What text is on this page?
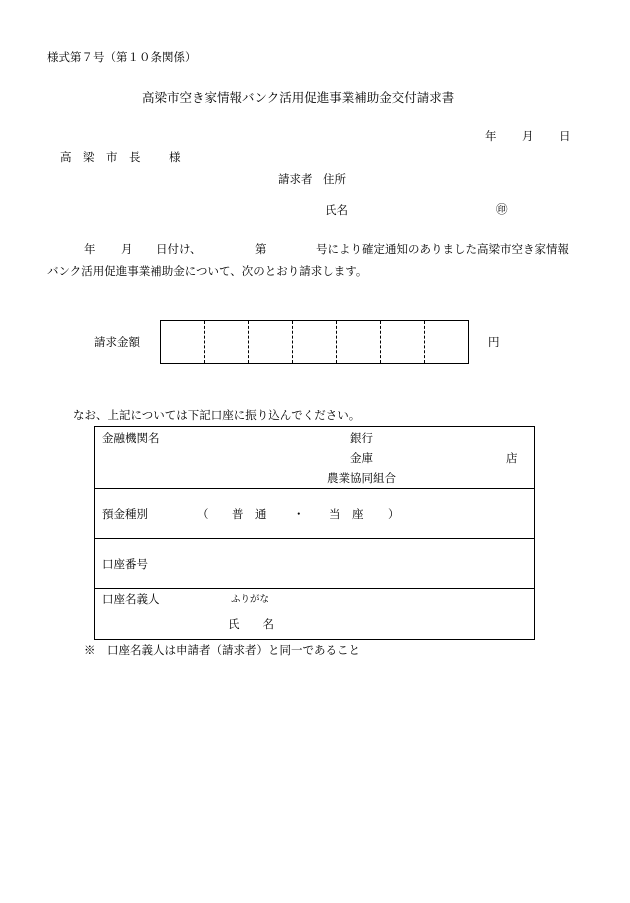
様式第７号（第１０条関係）
高梁市空き家情報バンク活用促進事業補助金交付請求書
年 月 日
高　梁　市　長 様
請求者 住所
氏名	㊞
年 月 日付け、	第	号により確定通知のありました高梁市空き家情報
バンク活用促進事業補助金について、次のとおり請求します。
請求金額	円
なお、上記については下記口座に振り込んでください。
金融機関名	銀行
金庫	店
農業協同組合
預金種別	（ 普　通 ・ 当　座 ）
口座番号
口座名義人	ふりがな
氏　　名
※　口座名義人は申請者（請求者）と同一であること
